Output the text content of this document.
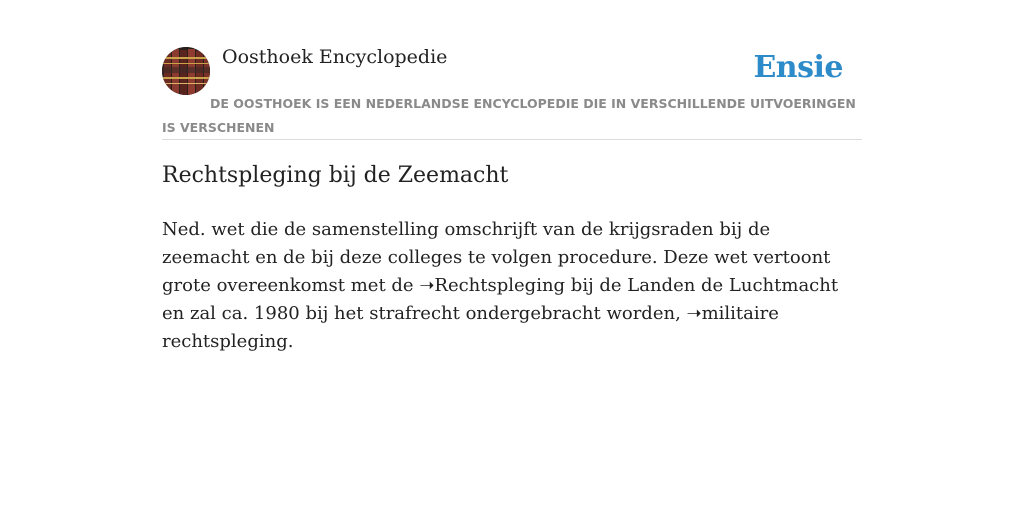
Oosthoek Encyclopedie	Ensie
DE OOSTHOEK IS EEN NEDERLANDSE ENCYCLOPEDIE DIE IN VERSCHILLENDE UITVOERINGEN IS VERSCHENEN
Rechtspleging bij de Zeemacht

Ned. wet die de samenstelling omschrijft van de krijgsraden bij de zeemacht en de bij deze colleges te volgen procedure. Deze wet vertoont grote overeenkomst met de ➝Rechtspleging bij de Landen de Luchtmacht en zal ca. 1980 bij het strafrecht ondergebracht worden, ➝militaire rechtspleging.
